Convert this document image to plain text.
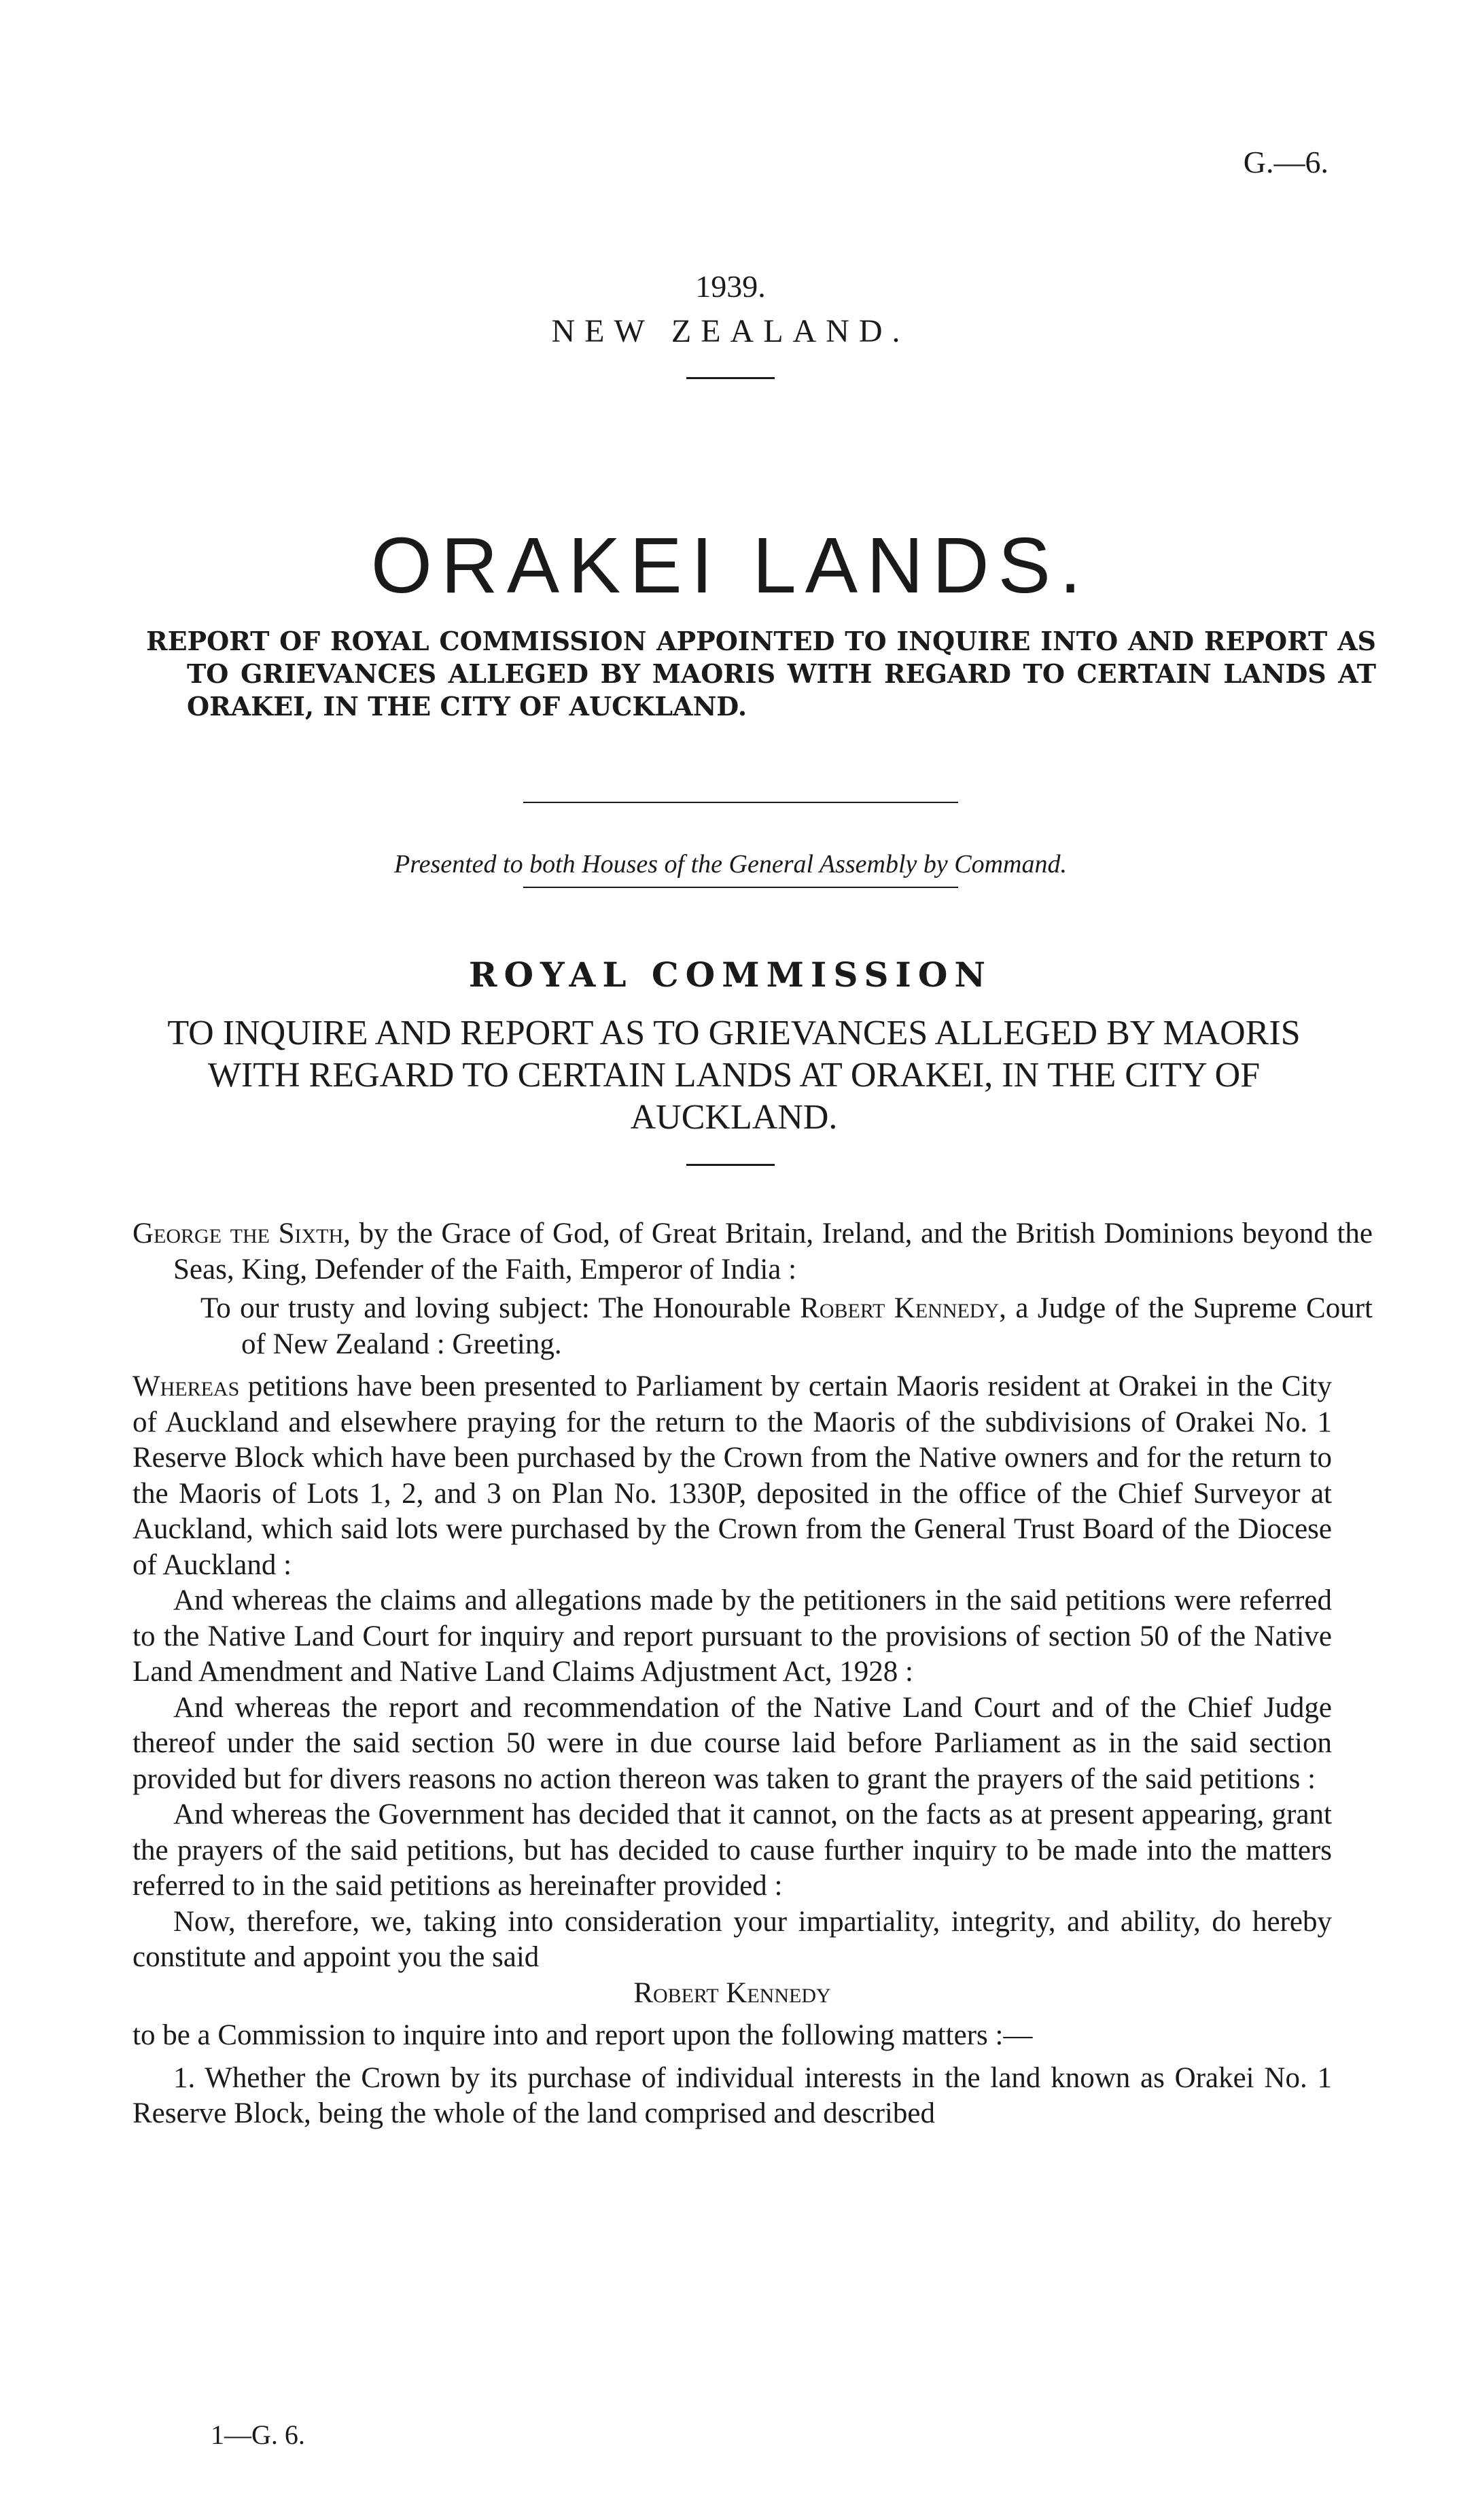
G.—6.
1939.
NEW ZEALAND.
ORAKEI LANDS.
REPORT OF ROYAL COMMISSION APPOINTED TO INQUIRE INTO AND REPORT AS TO GRIEVANCES ALLEGED BY MAORIS WITH REGARD TO CERTAIN LANDS AT ORAKEI, IN THE CITY OF AUCKLAND.
Presented to both Houses of the General Assembly by Command.
ROYAL COMMISSION
TO INQUIRE AND REPORT AS TO GRIEVANCES ALLEGED BY MAORIS WITH REGARD TO CERTAIN LANDS AT ORAKEI, IN THE CITY OF AUCKLAND.
George the Sixth, by the Grace of God, of Great Britain, Ireland, and the British Dominions beyond the Seas, King, Defender of the Faith, Emperor of India :
To our trusty and loving subject: The Honourable Robert Kennedy, a Judge of the Supreme Court of New Zealand : Greeting.

Whereas petitions have been presented to Parliament by certain Maoris resident at Orakei in the City of Auckland and elsewhere praying for the return to the Maoris of the subdivisions of Orakei No. 1 Reserve Block which have been purchased by the Crown from the Native owners and for the return to the Maoris of Lots 1, 2, and 3 on Plan No. 1330P, deposited in the office of the Chief Surveyor at Auckland, which said lots were purchased by the Crown from the General Trust Board of the Diocese of Auckland :

And whereas the claims and allegations made by the petitioners in the said petitions were referred to the Native Land Court for inquiry and report pursuant to the provisions of section 50 of the Native Land Amendment and Native Land Claims Adjustment Act, 1928 :

And whereas the report and recommendation of the Native Land Court and of the Chief Judge thereof under the said section 50 were in due course laid before Parliament as in the said section provided but for divers reasons no action thereon was taken to grant the prayers of the said petitions :

And whereas the Government has decided that it cannot, on the facts as at present appearing, grant the prayers of the said petitions, but has decided to cause further inquiry to be made into the matters referred to in the said petitions as hereinafter provided :

Now, therefore, we, taking into consideration your impartiality, integrity, and ability, do hereby constitute and appoint you the said

Robert Kennedy

to be a Commission to inquire into and report upon the following matters :—

1. Whether the Crown by its purchase of individual interests in the land known as Orakei No. 1 Reserve Block, being the whole of the land comprised and described

1—G. 6.
